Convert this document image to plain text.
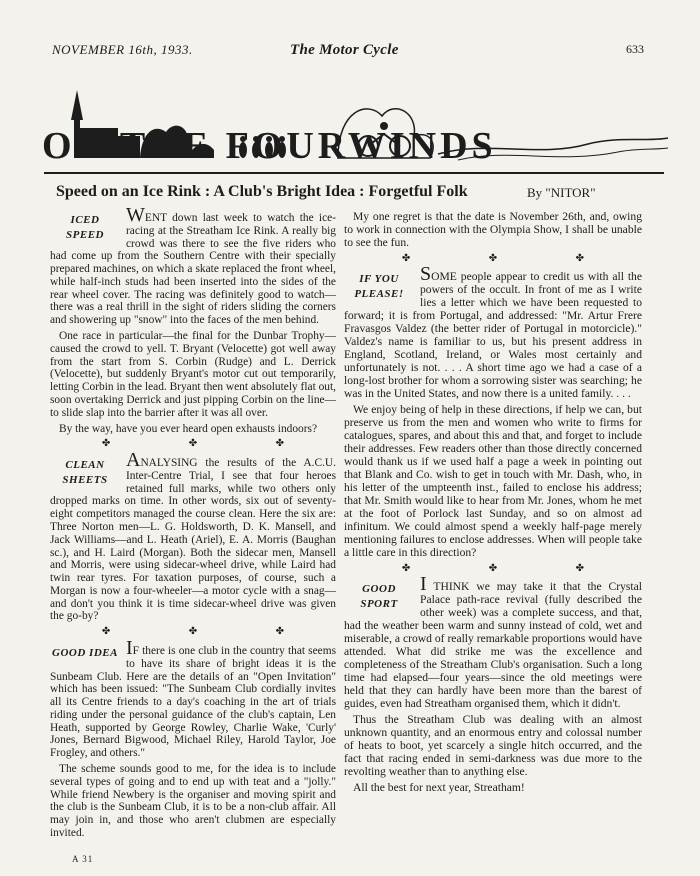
NOVEMBER 16th, 1933.	The Motor Cycle	633
ON THE FOURWINDS
Speed on an Ice Rink : A Club's Bright Idea : Forgetful Folk	By "NITOR"

ICED SPEED
WENT down last week to watch the ice-racing at the Streatham Ice Rink. A really big crowd was there to see the five riders who had come up from the Southern Centre with their specially prepared machines, on which a skate replaced the front wheel, while half-inch studs had been inserted into the sides of the rear wheel cover. The racing was definitely good to watch—there was a real thrill in the sight of riders sliding the corners and showering up "snow" into the faces of the men behind.

One race in particular—the final for the Dunbar Trophy—caused the crowd to yell. T. Bryant (Velocette) got well away from the start from S. Corbin (Rudge) and L. Derrick (Velocette), but suddenly Bryant's motor cut out temporarily, letting Corbin in the lead. Bryant then went absolutely flat out, soon overtaking Derrick and just pipping Corbin on the line—to slide slap into the barrier after it was all over.

By the way, have you ever heard open exhausts indoors?

✤ ✤ ✤

CLEAN SHEETS
ANALYSING the results of the A.C.U. Inter-Centre Trial, I see that four heroes retained full marks, while two others only dropped marks on time. In other words, six out of seventy-eight competitors managed the course clean. Here the six are: Three Norton men—L. G. Holdsworth, D. K. Mansell, and Jack Williams—and L. Heath (Ariel), E. A. Morris (Baughan sc.), and H. Laird (Morgan). Both the sidecar men, Mansell and Morris, were using sidecar-wheel drive, while Laird had twin rear tyres. For taxation purposes, of course, such a Morgan is now a four-wheeler—a motor cycle with a snag—and don't you think it is time sidecar-wheel drive was given the go-by?

✤ ✤ ✤

GOOD IDEA IF there is one club in the country that seems to have its share of bright ideas it is the Sunbeam Club. Here are the details of an "Open Invitation" which has been issued: "The Sunbeam Club cordially invites all its Centre friends to a day's coaching in the art of trials riding under the personal guidance of the club's captain, Len Heath, supported by George Rowley, Charlie Wake, 'Curly' Jones, Bernard Bigwood, Michael Riley, Harold Taylor, Joe Frogley, and others."

The scheme sounds good to me, for the idea is to include several types of going and to end up with teat and a "jolly." While friend Newbery is the organiser and moving spirit and the club is the Sunbeam Club, it is to be a non-club affair. All may join in, and those who aren't clubmen are especially invited.

My one regret is that the date is November 26th, and, owing to work in connection with the Olympia Show, I shall be unable to see the fun.

✤ ✤ ✤

IF YOU PLEASE!
SOME people appear to credit us with all the powers of the occult. In front of me as I write lies a letter which we have been requested to forward; it is from Portugal, and addressed: "Mr. Artur Frere Fravasgos Valdez (the better rider of Portugal in motorcicle)." Valdez's name is familiar to us, but his present address in England, Scotland, Ireland, or Wales most certainly and unfortunately is not. . . . A short time ago we had a case of a long-lost brother for whom a sorrowing sister was searching; he was in the United States, and now there is a united family. . . .

We enjoy being of help in these directions, if help we can, but preserve us from the men and women who write to firms for catalogues, spares, and about this and that, and forget to include their addresses. Few readers other than those directly concerned would thank us if we used half a page a week in pointing out that Blank and Co. wish to get in touch with Mr. Dash, who, in his letter of the umpteenth inst., failed to enclose his address; that Mr. Smith would like to hear from Mr. Jones, whom he met at the foot of Porlock last Sunday, and so on almost ad infinitum. We could almost spend a weekly half-page merely mentioning failures to enclose addresses. When will people take a little care in this direction?

✤ ✤ ✤

GOOD SPORT
I THINK we may take it that the Crystal Palace path-race revival (fully described the other week) was a complete success, and that, had the weather been warm and sunny instead of cold, wet and miserable, a crowd of really remarkable proportions would have attended. What did strike me was the excellence and completeness of the Streatham Club's organisation. Such a long time had elapsed—four years—since the old meetings were held that they can hardly have been more than the barest of guides, even had Streatham organised them, which it didn't.

Thus the Streatham Club was dealing with an almost unknown quantity, and an enormous entry and colossal number of heats to boot, yet scarcely a single hitch occurred, and the fact that racing ended in semi-darkness was due more to the revolting weather than to anything else.

All the best for next year, Streatham!

A 31
